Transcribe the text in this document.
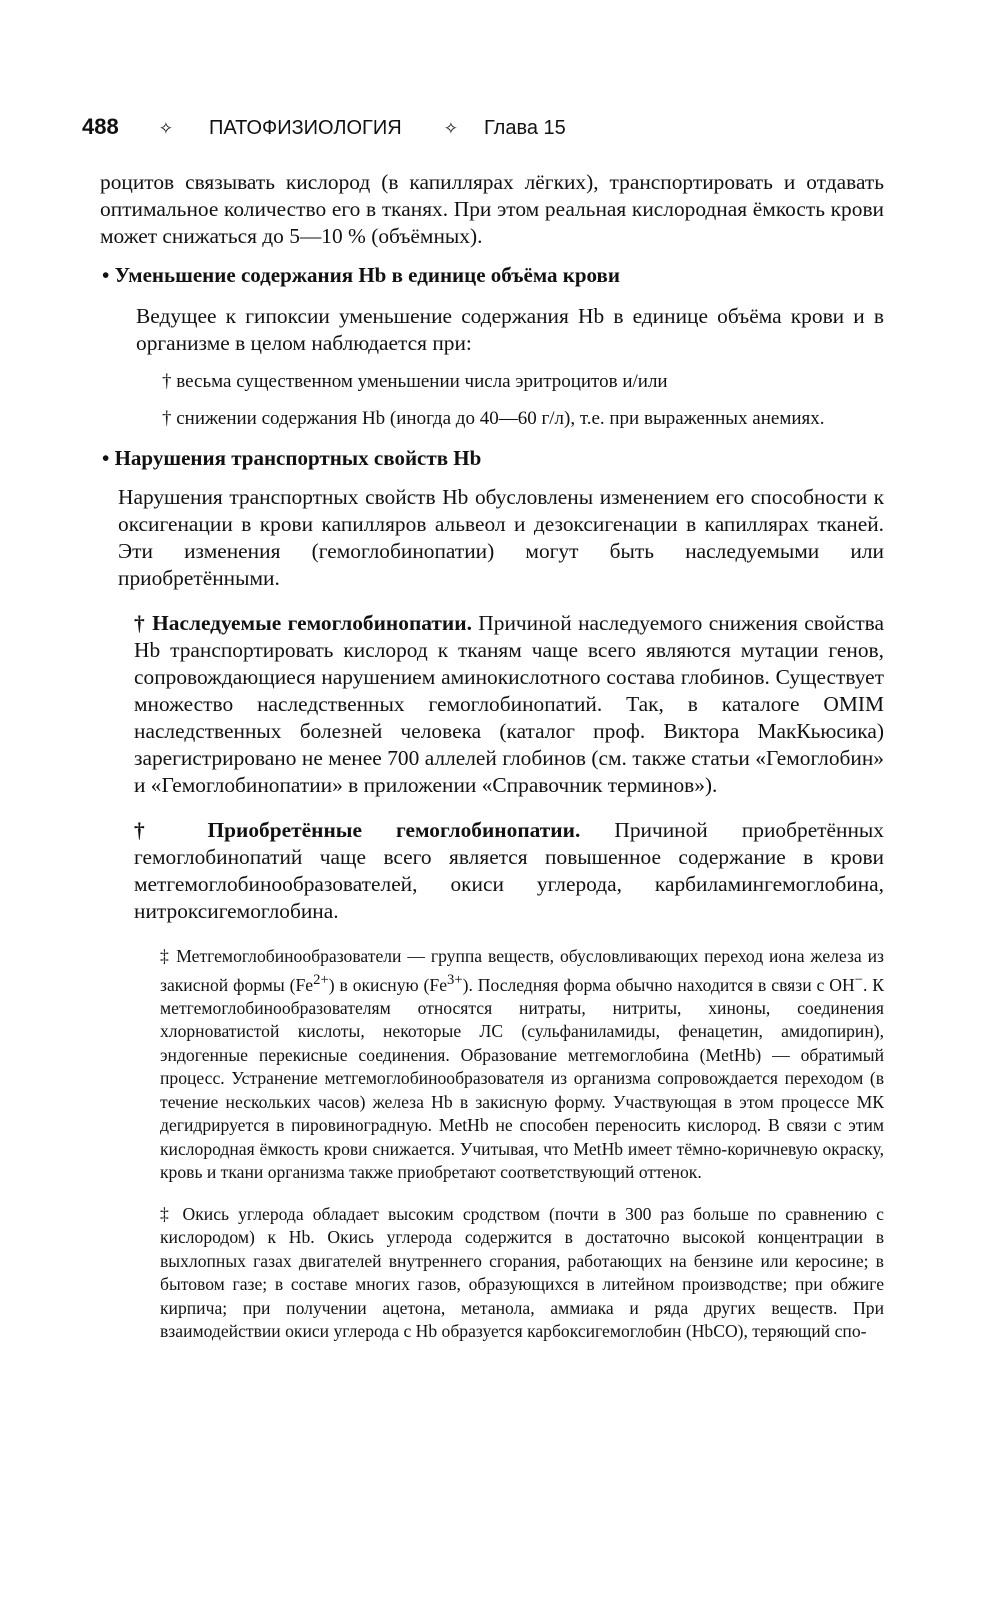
488 ✧ ПАТОФИЗИОЛОГИЯ ✧ Глава 15

роцитов связывать кислород (в капиллярах лёгких), транспортировать и отдавать оптимальное количество его в тканях. При этом реальная кислородная ёмкость крови может снижаться до 5—10 % (объёмных).

• Уменьшение содержания Hb в единице объёма крови

Ведущее к гипоксии уменьшение содержания Hb в единице объёма крови и в организме в целом наблюдается при:

† весьма существенном уменьшении числа эритроцитов и/или

† снижении содержания Hb (иногда до 40—60 г/л), т.е. при выраженных анемиях.

• Нарушения транспортных свойств Hb

Нарушения транспортных свойств Hb обусловлены изменением его способности к оксигенации в крови капилляров альвеол и дезоксигенации в капиллярах тканей. Эти изменения (гемоглобинопатии) могут быть наследуемыми или приобретёнными.

† Наследуемые гемоглобинопатии. Причиной наследуемого снижения свойства Hb транспортировать кислород к тканям чаще всего являются мутации генов, сопровождающиеся нарушением аминокислотного состава глобинов. Существует множество наследственных гемоглобинопатий. Так, в каталоге OMIM наследственных болезней человека (каталог проф. Виктора МакКьюсика) зарегистрировано не менее 700 аллелей глобинов (см. также статьи «Гемоглобин» и «Гемоглобинопатии» в приложении «Справочник терминов»).

† Приобретённые гемоглобинопатии. Причиной приобретённых гемоглобинопатий чаще всего является повышенное содержание в крови метгемоглобинообразователей, окиси углерода, карбиламингемоглобина, нитроксигемоглобина.

‡ Метгемоглобинообразователи — группа веществ, обусловливающих переход иона железа из закисной формы $(Fe^{2+})$ в окисную $(Fe^{3+})$. Последняя форма обычно находится в связи с OH−. К метгемоглобинообразователям относятся нитраты, нитриты, хиноны, соединения хлорноватистой кислоты, некоторые ЛС (сульфаниламиды, фенацетин, амидопирин), эндогенные перекисные соединения. Образование метгемоглобина (MetHb) — обратимый процесс. Устранение метгемоглобинообразователя из организма сопровождается переходом (в течение нескольких часов) железа Hb в закисную форму. Участвующая в этом процессе МК дегидрируется в пировиноградную. MetHb не способен переносить кислород. В связи с этим кислородная ёмкость крови снижается. Учитывая, что MetHb имеет тёмно-коричневую окраску, кровь и ткани организма также приобретают соответствующий оттенок.

‡ Окись углерода обладает высоким сродством (почти в 300 раз больше по сравнению с кислородом) к Hb. Окись углерода содержится в достаточно высокой концентрации в выхлопных газах двигателей внутреннего сгорания, работающих на бензине или керосине; в бытовом газе; в составе многих газов, образующихся в литейном производстве; при обжиге кирпича; при получении ацетона, метанола, аммиака и ряда других веществ. При взаимодействии окиси углерода с Hb образуется карбоксигемоглобин (HbCO), теряющий спо-
